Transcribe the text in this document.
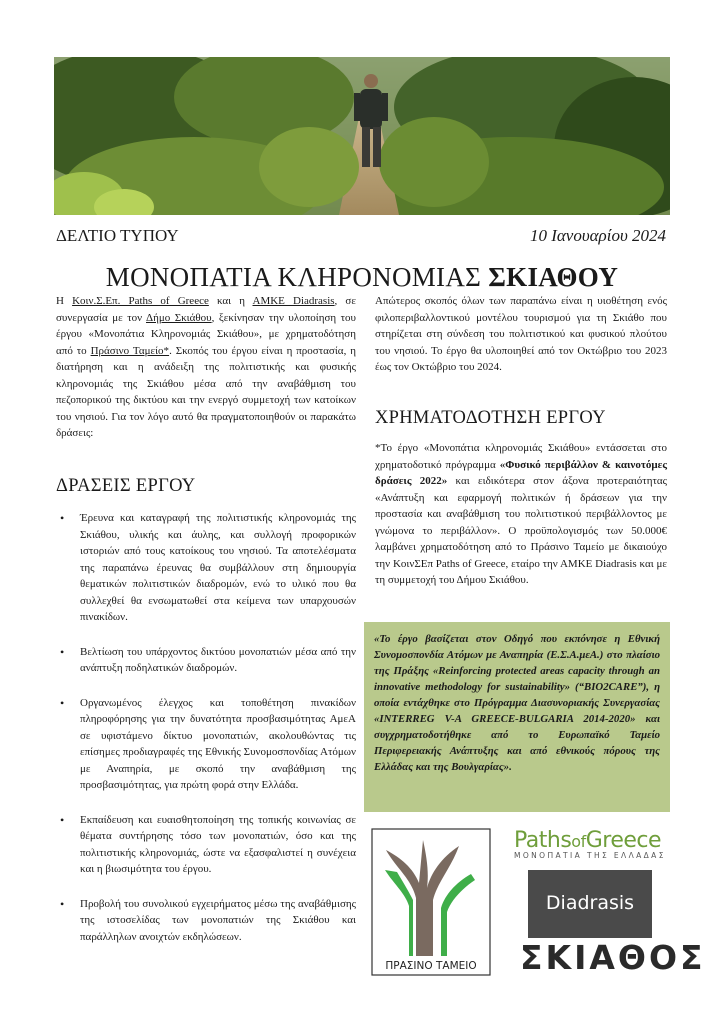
ΔΕΛΤΙΟ ΤΥΠΟΥ	10 Ιανουαρίου 2024
ΜΟΝΟΠΑΤΙΑ ΚΛΗΡΟΝΟΜΙΑΣ ΣΚΙΑΘΟΥ

Η Κοιν.Σ.Επ. Paths of Greece και η ΑΜΚΕ Diadrasis, σε συνεργασία με τον Δήμο Σκιάθου, ξεκίνησαν την υλοποίηση του έργου «Μονοπάτια Κληρονομιάς Σκιάθου», με χρηματοδότηση από το Πράσινο Ταμείο*. Σκοπός του έργου είναι η προστασία, η διατήρηση και η ανάδειξη της πολιτιστικής και φυσικής κληρονομιάς της Σκιάθου μέσα από την αναβάθμιση του πεζοπορικού της δικτύου και την ενεργό συμμετοχή των κατοίκων του νησιού. Για τον λόγο αυτό θα πραγματοποιηθούν οι παρακάτω δράσεις:

ΔΡΑΣΕΙΣ ΕΡΓΟΥ
• Έρευνα και καταγραφή της πολιτιστικής κληρονομιάς της Σκιάθου, υλικής και άυλης, και συλλογή προφορικών ιστοριών από τους κατοίκους του νησιού. Τα αποτελέσματα της παραπάνω έρευνας θα συμβάλλουν στη δημιουργία θεματικών πολιτιστικών διαδρομών, ενώ το υλικό που θα συλλεχθεί θα ενσωματωθεί στα κείμενα των υπαρχουσών πινακίδων.
• Βελτίωση του υπάρχοντος δικτύου μονοπατιών μέσα από την ανάπτυξη ποδηλατικών διαδρομών.
• Οργανωμένος έλεγχος και τοποθέτηση πινακίδων πληροφόρησης για την δυνατότητα προσβασιμότητας ΑμεΑ σε υφιστάμενο δίκτυο μονοπατιών, ακολουθώντας τις επίσημες προδιαγραφές της Εθνικής Συνομοσπονδίας Ατόμων με Αναπηρία, με σκοπό την αναβάθμιση της προσβασιμότητας, για πρώτη φορά στην Ελλάδα.
• Εκπαίδευση και ευαισθητοποίηση της τοπικής κοινωνίας σε θέματα συντήρησης τόσο των μονοπατιών, όσο και της πολιτιστικής κληρονομιάς, ώστε να εξασφαλιστεί η συνέχεια και η βιωσιμότητα του έργου.
• Προβολή του συνολικού εγχειρήματος μέσω της αναβάθμισης της ιστοσελίδας των μονοπατιών της Σκιάθου και παράλληλων ανοιχτών εκδηλώσεων.

Απώτερος σκοπός όλων των παραπάνω είναι η υιοθέτηση ενός φιλοπεριβαλλοντικού μοντέλου τουρισμού για τη Σκιάθο που στηρίζεται στη σύνδεση του πολιτιστικού και φυσικού πλούτου του νησιού. Το έργο θα υλοποιηθεί από τον Οκτώβριο του 2023 έως τον Οκτώβριο του 2024.

ΧΡΗΜΑΤΟΔΟΤΗΣΗ ΕΡΓΟΥ
*Το έργο «Μονοπάτια κληρονομιάς Σκιάθου» εντάσσεται στο χρηματοδοτικό πρόγραμμα «Φυσικό περιβάλλον & καινοτόμες δράσεις 2022» και ειδικότερα στον άξονα προτεραιότητας «Ανάπτυξη και εφαρμογή πολιτικών ή δράσεων για την προστασία και αναβάθμιση του πολιτιστικού περιβάλλοντος με γνώμονα το περιβάλλον». Ο προϋπολογισμός των 50.000€ λαμβάνει χρηματοδότηση από το Πράσινο Ταμείο με δικαιούχο την ΚοινΣΕπ Paths of Greece, εταίρο την ΑΜΚΕ Diadrasis και με τη συμμετοχή του Δήμου Σκιάθου.
«Το έργο βασίζεται στον Οδηγό που εκπόνησε η Εθνική Συνομοσπονδία Ατόμων με Αναπηρία (Ε.Σ.Α.μεΑ.) στο πλαίσιο της Πράξης «Reinforcing protected areas capacity through an innovative methodology for sustainability» (“BIO2CARE”), η οποία εντάχθηκε στο Πρόγραμμα Διασυνοριακής Συνεργασίας «INTERREG V-A GREECE-BULGARIA 2014-2020» και συγχρηματοδοτήθηκε από το Ευρωπαϊκό Ταμείο Περιφερειακής Ανάπτυξης και από εθνικούς πόρους της Ελλάδας και της Βουλγαρίας».
ΠΡΑΣΙΝΟ ΤΑΜΕΙΟ
PathsofGreece
ΜΟΝΟΠΑΤΙΑ ΤΗΣ ΕΛΛΑΔΑΣ
Diadrasis
ΣΚΙΑΘΟΣ
